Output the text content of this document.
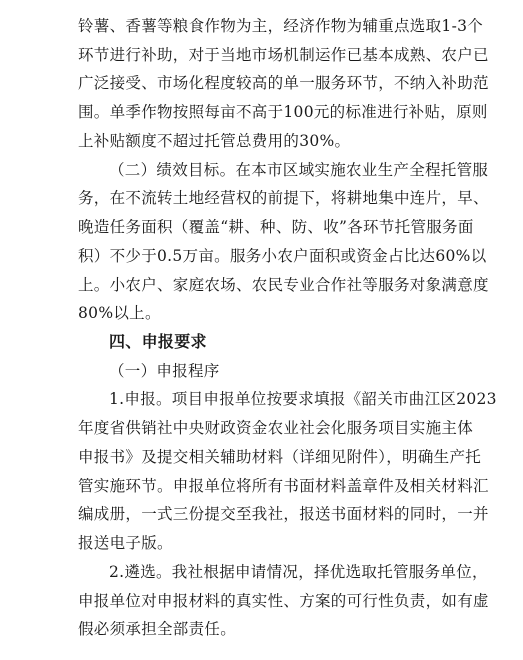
铃薯、香薯等粮食作物为主，经济作物为辅重点选取1-3个
环节进行补助，对于当地市场机制运作已基本成熟、农户已
广泛接受、市场化程度较高的单一服务环节，不纳入补助范
围。单季作物按照每亩不高于100元的标准进行补贴，原则
上补贴额度不超过托管总费用的30%。
（二）绩效目标。在本市区域实施农业生产全程托管服
务，在不流转土地经营权的前提下，将耕地集中连片，早、
晚造任务面积（覆盖“耕、种、防、收”各环节托管服务面
积）不少于0.5万亩。服务小农户面积或资金占比达60%以
上。小农户、家庭农场、农民专业合作社等服务对象满意度
80%以上。
四、申报要求
（一）申报程序
1.申报。项目申报单位按要求填报《韶关市曲江区2023
年度省供销社中央财政资金农业社会化服务项目实施主体
申报书》及提交相关辅助材料（详细见附件），明确生产托
管实施环节。申报单位将所有书面材料盖章件及相关材料汇
编成册，一式三份提交至我社，报送书面材料的同时，一并
报送电子版。
2.遴选。我社根据申请情况，择优选取托管服务单位，
申报单位对申报材料的真实性、方案的可行性负责，如有虚
假必须承担全部责任。
